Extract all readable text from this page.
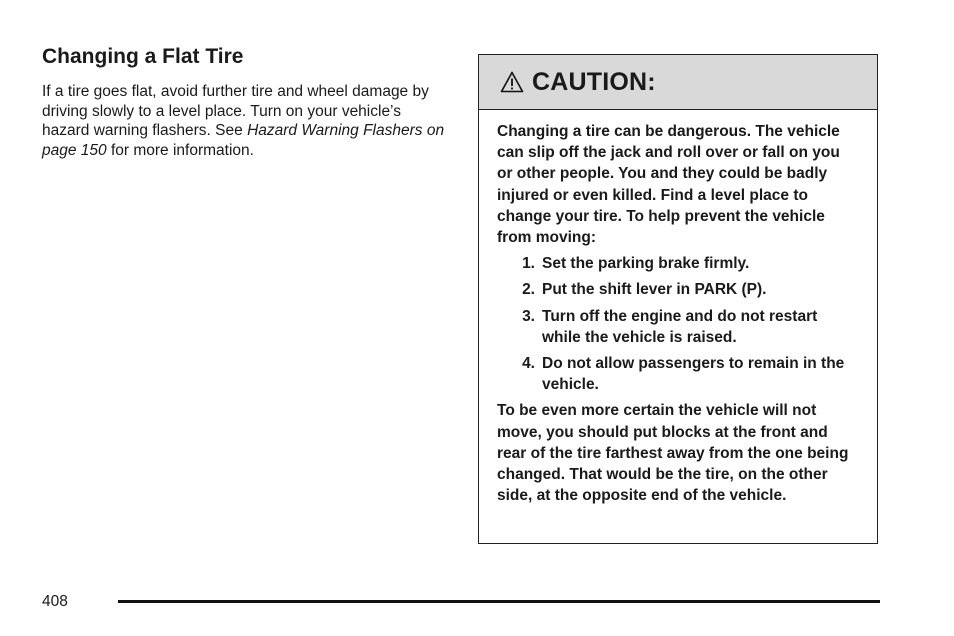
Changing a Flat Tire

If a tire goes flat, avoid further tire and wheel damage by driving slowly to a level place. Turn on your vehicle’s hazard warning flashers. See Hazard Warning Flashers on page 150 for more information.

CAUTION:

Changing a tire can be dangerous. The vehicle can slip off the jack and roll over or fall on you or other people. You and they could be badly injured or even killed. Find a level place to change your tire. To help prevent the vehicle from moving:

1. Set the parking brake firmly.
2. Put the shift lever in PARK (P).
3. Turn off the engine and do not restart while the vehicle is raised.
4. Do not allow passengers to remain in the vehicle.

To be even more certain the vehicle will not move, you should put blocks at the front and rear of the tire farthest away from the one being changed. That would be the tire, on the other side, at the opposite end of the vehicle.

408
